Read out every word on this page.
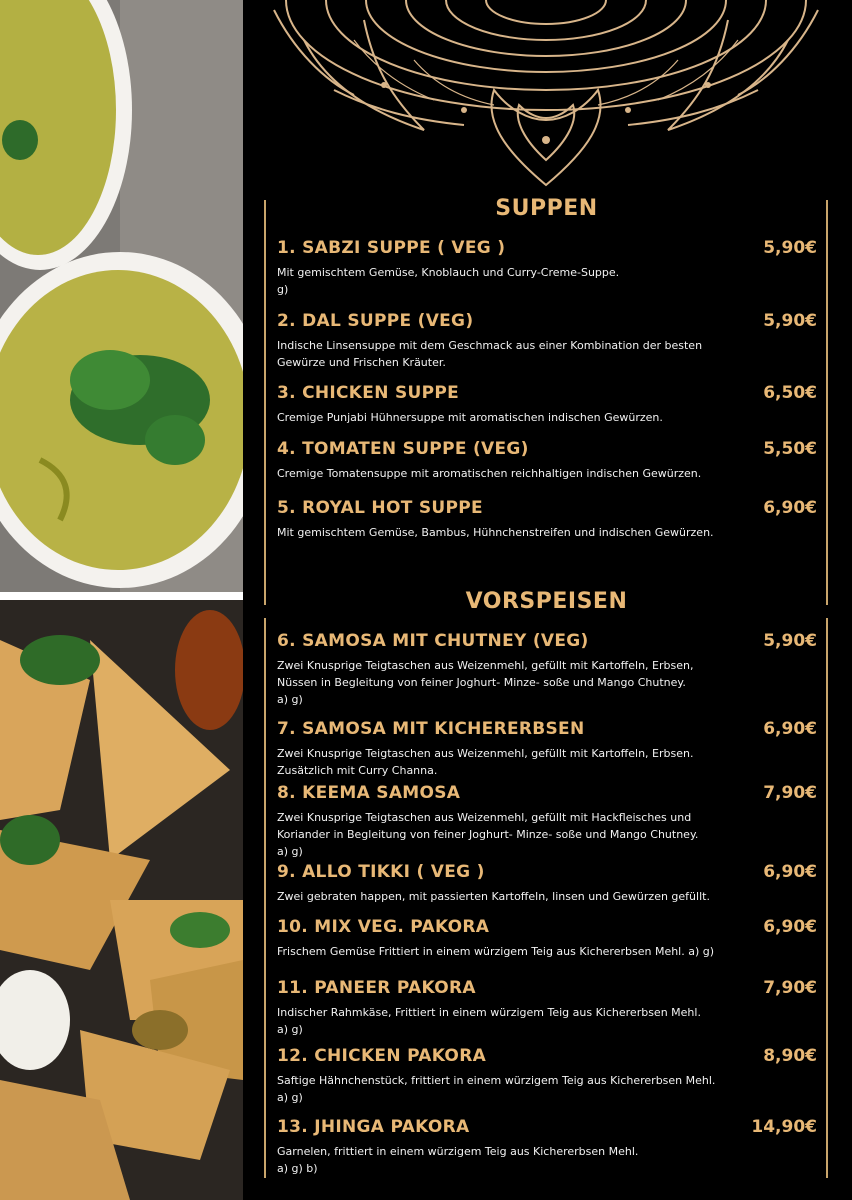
SUPPEN
VORSPEISEN
1. SABZI SUPPE ( VEG )	5,90€
Mit gemischtem Gemüse, Knoblauch und Curry-Creme-Suppe.
g)
2. DAL SUPPE (VEG)	5,90€
Indische Linsensuppe mit dem Geschmack aus einer Kombination der besten
Gewürze und Frischen Kräuter.
3. CHICKEN SUPPE	6,50€
Cremige Punjabi Hühnersuppe mit aromatischen indischen Gewürzen.
4. TOMATEN SUPPE (VEG)	5,50€
Cremige Tomatensuppe mit aromatischen reichhaltigen indischen Gewürzen.
5. ROYAL HOT SUPPE	6,90€
Mit gemischtem Gemüse, Bambus, Hühnchenstreifen und indischen Gewürzen.
6. SAMOSA MIT CHUTNEY (VEG)	5,90€
Zwei Knusprige Teigtaschen aus Weizenmehl, gefüllt mit Kartoffeln, Erbsen,
Nüssen in Begleitung von feiner Joghurt- Minze- soße und Mango Chutney.
a) g)
7. SAMOSA MIT KICHERERBSEN	6,90€
Zwei Knusprige Teigtaschen aus Weizenmehl, gefüllt mit Kartoffeln, Erbsen.
Zusätzlich mit Curry Channa.
8. KEEMA SAMOSA	7,90€
Zwei Knusprige Teigtaschen aus Weizenmehl, gefüllt mit Hackfleisches und
Koriander in Begleitung von feiner Joghurt- Minze- soße und Mango Chutney.
a) g)
9. ALLO TIKKI ( VEG )	6,90€
Zwei gebraten happen, mit passierten Kartoffeln, linsen und Gewürzen gefüllt.
10. MIX VEG. PAKORA	6,90€
Frischem Gemüse Frittiert in einem würzigem Teig aus Kichererbsen Mehl. a) g)
11. PANEER PAKORA	7,90€
Indischer Rahmkäse, Frittiert in einem würzigem Teig aus Kichererbsen Mehl.
a) g)
12. CHICKEN PAKORA	8,90€
Saftige Hähnchenstück, frittiert in einem würzigem Teig aus Kichererbsen Mehl.
a) g)
13. JHINGA PAKORA	14,90€
Garnelen, frittiert in einem würzigem Teig aus Kichererbsen Mehl.
a) g) b)
